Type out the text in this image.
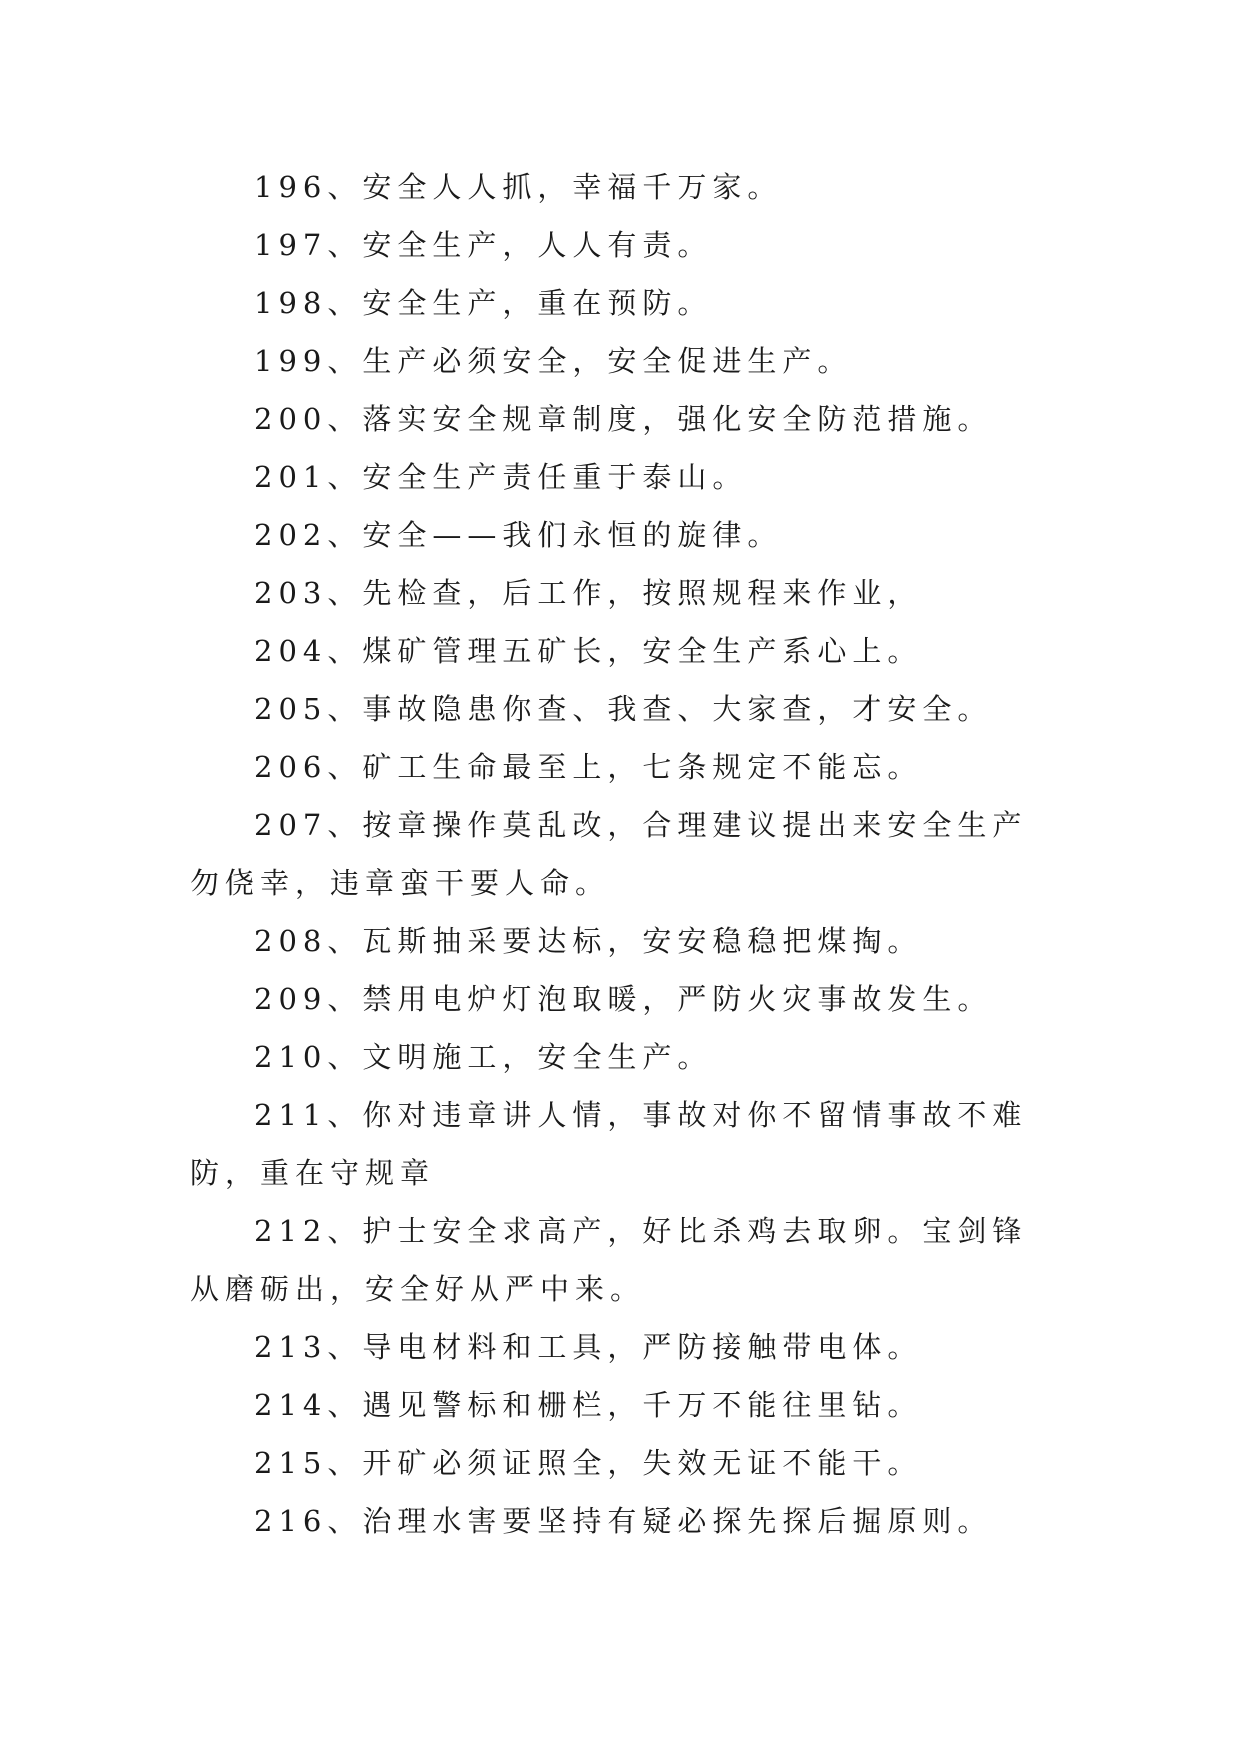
196、安全人人抓，幸福千万家。

197、安全生产，人人有责。

198、安全生产，重在预防。

199、生产必须安全，安全促进生产。

200、落实安全规章制度，强化安全防范措施。

201、安全生产责任重于泰山。

202、安全——我们永恒的旋律。

203、先检查，后工作，按照规程来作业，

204、煤矿管理五矿长，安全生产系心上。

205、事故隐患你查、我查、大家查，才安全。

206、矿工生命最至上，七条规定不能忘。

207、按章操作莫乱改，合理建议提出来安全生产勿侥幸，违章蛮干要人命。

208、瓦斯抽采要达标，安安稳稳把煤掏。

209、禁用电炉灯泡取暖，严防火灾事故发生。

210、文明施工，安全生产。

211、你对违章讲人情，事故对你不留情事故不难防，重在守规章

212、护士安全求高产，好比杀鸡去取卵。宝剑锋从磨砺出，安全好从严中来。

213、导电材料和工具，严防接触带电体。

214、遇见警标和栅栏，千万不能往里钻。

215、开矿必须证照全，失效无证不能干。

216、治理水害要坚持有疑必探先探后掘原则。
